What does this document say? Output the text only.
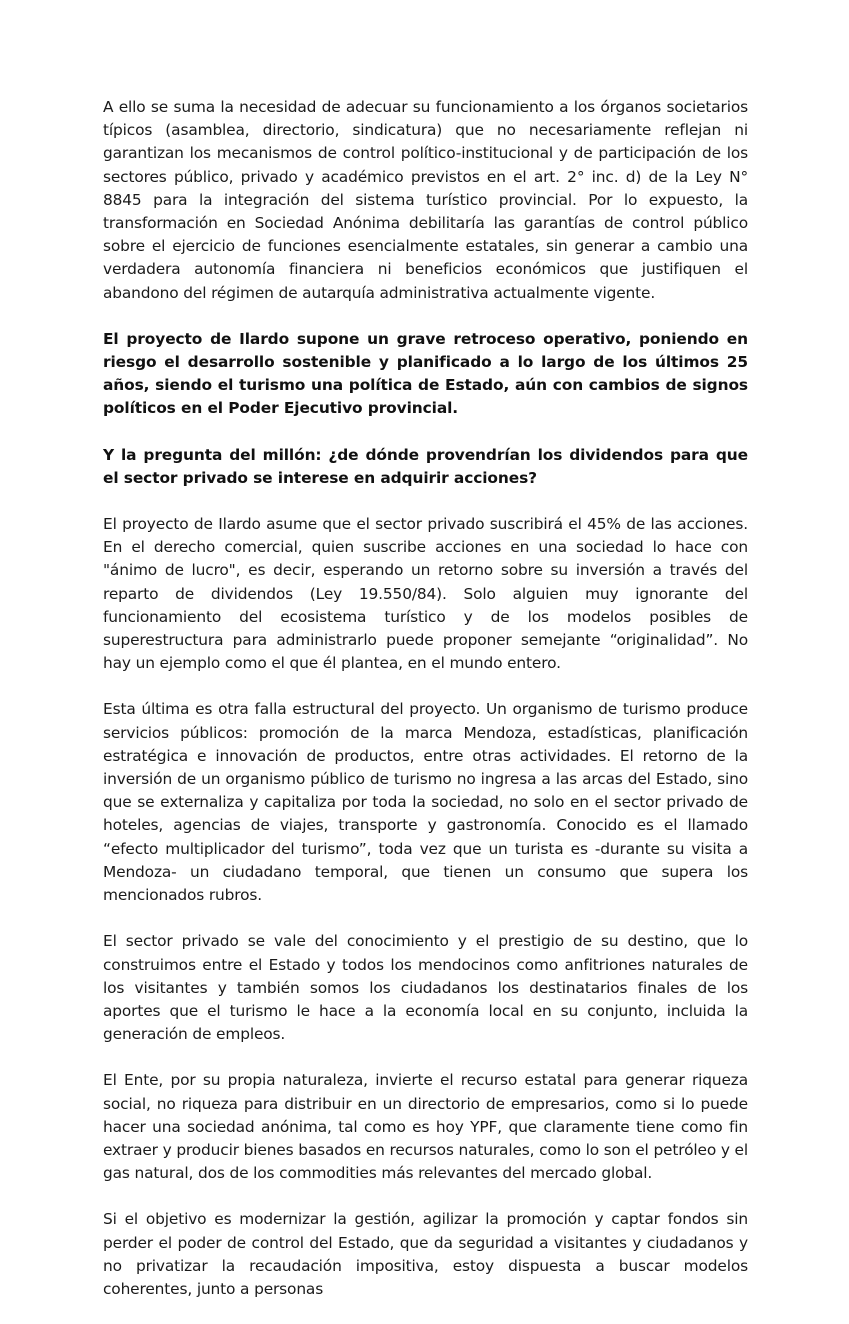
A ello se suma la necesidad de adecuar su funcionamiento a los órganos societarios típicos (asamblea, directorio, sindicatura) que no necesariamente reflejan ni garantizan los mecanismos de control político-institucional y de participación de los sectores público, privado y académico previstos en el art. 2° inc. d) de la Ley N° 8845 para la integración del sistema turístico provincial. Por lo expuesto, la transformación en Sociedad Anónima debilitaría las garantías de control público sobre el ejercicio de funciones esencialmente estatales, sin generar a cambio una verdadera autonomía financiera ni beneficios económicos que justifiquen el abandono del régimen de autarquía administrativa actualmente vigente.

El proyecto de Ilardo supone un grave retroceso operativo, poniendo en riesgo el desarrollo sostenible y planificado a lo largo de los últimos 25 años, siendo el turismo una política de Estado, aún con cambios de signos políticos en el Poder Ejecutivo provincial.

Y la pregunta del millón: ¿de dónde provendrían los dividendos para que el sector privado se interese en adquirir acciones?

El proyecto de Ilardo asume que el sector privado suscribirá el 45% de las acciones. En el derecho comercial, quien suscribe acciones en una sociedad lo hace con "ánimo de lucro", es decir, esperando un retorno sobre su inversión a través del reparto de dividendos (Ley 19.550/84). Solo alguien muy ignorante del funcionamiento del ecosistema turístico y de los modelos posibles de superestructura para administrarlo puede proponer semejante “originalidad”. No hay un ejemplo como el que él plantea, en el mundo entero.

Esta última es otra falla estructural del proyecto. Un organismo de turismo produce servicios públicos: promoción de la marca Mendoza, estadísticas, planificación estratégica e innovación de productos, entre otras actividades. El retorno de la inversión de un organismo público de turismo no ingresa a las arcas del Estado, sino que se externaliza y capitaliza por toda la sociedad, no solo en el sector privado de hoteles, agencias de viajes, transporte y gastronomía. Conocido es el llamado “efecto multiplicador del turismo”, toda vez que un turista es -durante su visita a Mendoza- un ciudadano temporal, que tienen un consumo que supera los mencionados rubros.

El sector privado se vale del conocimiento y el prestigio de su destino, que lo construimos entre el Estado y todos los mendocinos como anfitriones naturales de los visitantes y también somos los ciudadanos los destinatarios finales de los aportes que el turismo le hace a la economía local en su conjunto, incluida la generación de empleos.

El Ente, por su propia naturaleza, invierte el recurso estatal para generar riqueza social, no riqueza para distribuir en un directorio de empresarios, como si lo puede hacer una sociedad anónima, tal como es hoy YPF, que claramente tiene como fin extraer y producir bienes basados en recursos naturales, como lo son el petróleo y el gas natural, dos de los commodities más relevantes del mercado global.

Si el objetivo es modernizar la gestión, agilizar la promoción y captar fondos sin perder el poder de control del Estado, que da seguridad a visitantes y ciudadanos y no privatizar la recaudación impositiva, estoy dispuesta a buscar modelos coherentes, junto a personas
